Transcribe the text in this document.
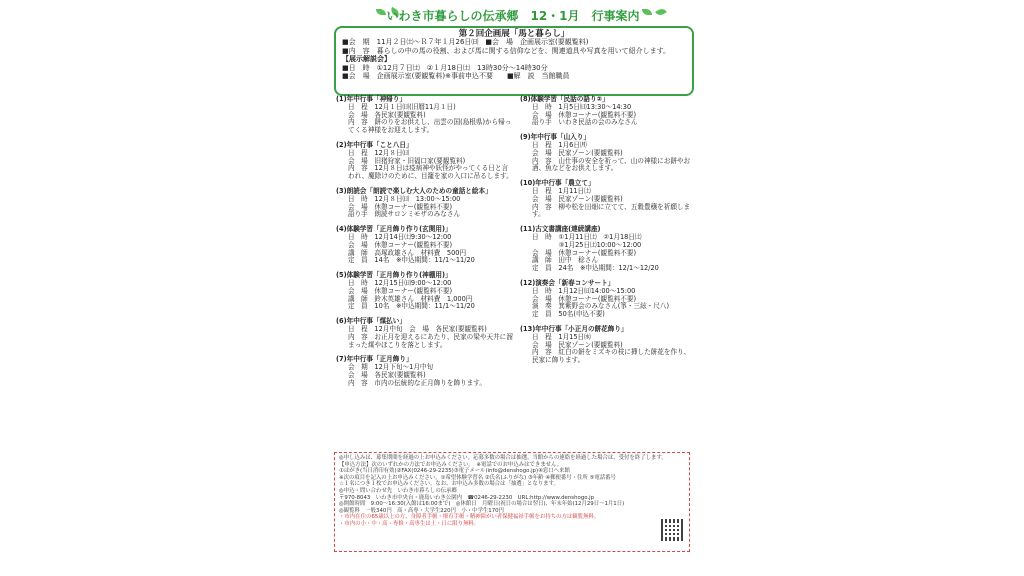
いわき市暮らしの伝承郷　12・1月　行事案内
第２回企画展「馬と暮らし」
■会　期　11月２日㈯～Ｒ７年１月26日㈰　■会　場　企画展示室(要観覧料)
■内　容　暮らしの中の馬の役割、および馬に関する信仰などを、関連道具や写真を用いて紹介します。
【展示解説会】
■日　時　①12月７日㈯　②１月18日㈯　13時30分～14時30分
■会　場　企画展示室(要観覧料)※事前申込不要　　■解　説　当館職員
(1)年中行事「神帰り」
日　程　12月１日㈰(旧暦11月１日)
会　場　各民家(要観覧料)
内　容　餅のりをお供えし、出雲の国(島根県)から帰ってくる神様をお迎えします。
(2)年中行事「こと八日」
日　程　12月８日㈰
会　場　旧猪狩家・旧福口家(要観覧料)
内　容　12月８日は疫病神や妖怪がやってくる日と言われ、魔除けのために、目籠を家の入口に吊るします。
(3)朗読会「朗読で楽しむ大人のための童話と絵本」
日　時　12月８日㈰　13:00～15:00
会　場　休憩コーナー(観覧料不要)
語り手　朗読サロンミモザのみなさん
(4)体験学習「正月飾り作り(玄関用)」
日　時　12月14日㈯9:30～12:00
会　場　休憩コーナー(観覧料不要)
講　師　高塚政雄さん　材料費　500円
定　員　14名　※申込期間：11/1～11/20
(5)体験学習「正月飾り作り(神棚用)」
日　時　12月15日㈰9:00～12:00
会　場　休憩コーナー(観覧料不要)
講　師　鈴木英雄さん　材料費　1,000円
定　員　10名　※申込期間：11/1～11/20
(6)年中行事「煤払い」
日　程　12月中旬　会　場　各民家(要観覧料)
内　容　お正月を迎えるにあたり、民家の梁や天井に溜まった煤やほこりを落とします。
(7)年中行事「正月飾り」
会　期　12月下旬～1月中旬
会　場　各民家(要観覧料)
内　容　市内の伝統的な正月飾りを飾ります。
(8)体験学習「民話の語り②」
日　時　1月5日㈰13:30～14:30
会　場　休憩コーナー(観覧料不要)
語り手　いわき民話の会のみなさん
(9)年中行事「山入り」
日　程　1月6日㈪
会　場　民家ゾーン(要観覧料)
内　容　山仕事の安全を祈って、山の神様にお餅やお酒、魚などをお供えします。
(10)年中行事「農立て」
日　程　1月11日㈯
会　場　民家ゾーン(要観覧料)
内　容　柳や松を田畑に立てて、五穀豊穣を祈願します。
(11)古文書講座(連続講座)
日　時　①1月11日㈯　②1月18日㈯
　　　　③1月25日㈯10:00～12:00
会　場　休憩コーナー(観覧料不要)
講　師　田中　稔さん
定　員　24名　※申込期間：12/1～12/20
(12)演奏会「新春コンサート」
日　時　1月12日㈰14:00～15:00
会　場　休憩コーナー(観覧料不要)
演　奏　箕紫野会のみなさん(箏・三絃・尺八)
定　員　50名(申込不要)
(13)年中行事「小正月の餅花飾り」
日　程　1月15日㈬
会　場　民家ゾーン(要観覧料)
内　容　紅白の餅をミズキの枝に挿した餅花を作り、民家に飾ります。
◎申し込みは、募集期間を経過の上お申込みください。応募多数の場合は抽選。当館からの連絡を経過した場合は、受付を終了します。
【申込方法】次のいずれかの方法でお申込みください。　※電話でのお申込みはできません。
①はがき(当日消印有効)②FAX(0246-29-2235)③電子メール(info@denshogo.jp)④窓口へ来館
※次の項目を記入の上お申込みください。①希望体験学習名 ②氏名(ふりがな) ③年齢 ④郵便番号・住所 ⑤電話番号
☆１名につき１枚でお申込みください。なお、お申込み多数の場合は「抽選」となります。
◎申込・問い合わせ先　いわき市暮らしの伝承郷
〒970-8043　いわき市中央台・鹿島いわき公園内　☎0246-29-2230　URL:http://www.denshogo.jp
◎開館時間　9:00～16:30(入館は16:00まで)　◎休館日　月曜日(祝日の場合は翌日)、年末年始(12月29日～1月1日)
◎観覧料　一般340円　高・高専・大学生220円　小・中学生170円
・市内在住の65歳以上の方、身障者手帳・療育手帳・精神障がい者保健福祉手帳をお持ちの方は観覧無料。
・市内の小・中・高・専修・高専生は土・日に限り無料。
